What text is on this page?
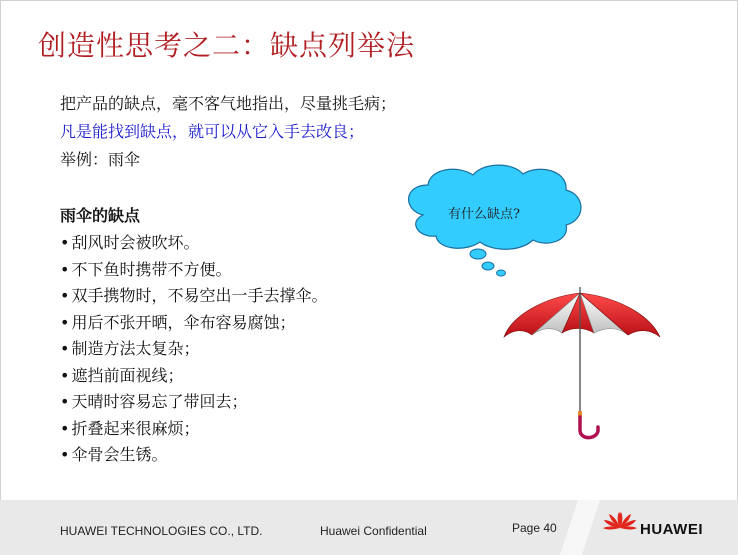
创造性思考之二：缺点列举法
把产品的缺点，毫不客气地指出，尽量挑毛病；
凡是能找到缺点，就可以从它入手去改良；
举例：雨伞
雨伞的缺点
• 刮风时会被吹坏。
• 不下鱼时携带不方便。
• 双手携物时，不易空出一手去撑伞。
• 用后不张开晒，伞布容易腐蚀；
• 制造方法太复杂；
• 遮挡前面视线；
• 天晴时容易忘了带回去；
• 折叠起来很麻烦；
• 伞骨会生锈。
有什么缺点?
HUAWEI TECHNOLOGIES CO., LTD.	Huawei Confidential	Page 40	HUAWEI
